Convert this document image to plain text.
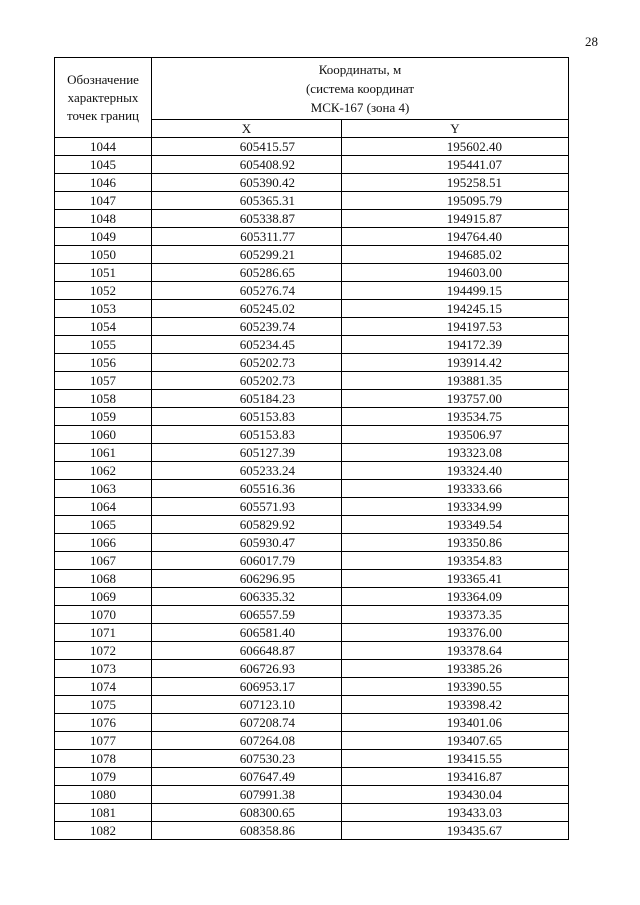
28
Обозначение
характерных
точек границ	Координаты, м
(система координат
МСК-167 (зона 4)	

	X	Y
1044	605415.57	195602.40
1045	605408.92	195441.07
1046	605390.42	195258.51
1047	605365.31	195095.79
1048	605338.87	194915.87
1049	605311.77	194764.40
1050	605299.21	194685.02
1051	605286.65	194603.00
1052	605276.74	194499.15
1053	605245.02	194245.15
1054	605239.74	194197.53
1055	605234.45	194172.39
1056	605202.73	193914.42
1057	605202.73	193881.35
1058	605184.23	193757.00
1059	605153.83	193534.75
1060	605153.83	193506.97
1061	605127.39	193323.08
1062	605233.24	193324.40
1063	605516.36	193333.66
1064	605571.93	193334.99
1065	605829.92	193349.54
1066	605930.47	193350.86
1067	606017.79	193354.83
1068	606296.95	193365.41
1069	606335.32	193364.09
1070	606557.59	193373.35
1071	606581.40	193376.00
1072	606648.87	193378.64
1073	606726.93	193385.26
1074	606953.17	193390.55
1075	607123.10	193398.42
1076	607208.74	193401.06
1077	607264.08	193407.65
1078	607530.23	193415.55
1079	607647.49	193416.87
1080	607991.38	193430.04
1081	608300.65	193433.03
1082	608358.86	193435.67
